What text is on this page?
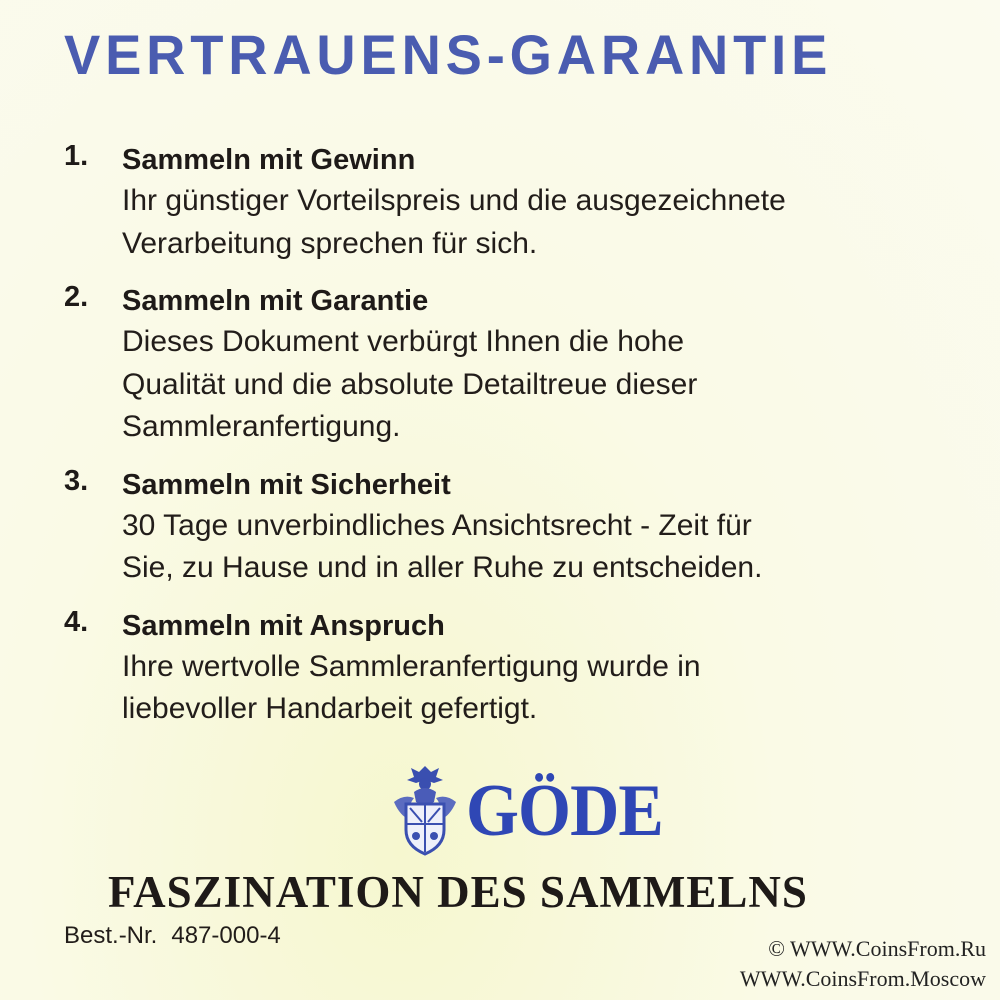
VERTRAUENS-GARANTIE
1. Sammeln mit Gewinn
Ihr günstiger Vorteilspreis und die ausgezeichnete
Verarbeitung sprechen für sich.
2. Sammeln mit Garantie
Dieses Dokument verbürgt Ihnen die hohe
Qualität und die absolute Detailtreue dieser
Sammleranfertigung.
3. Sammeln mit Sicherheit
30 Tage unverbindliches Ansichtsrecht - Zeit für
Sie, zu Hause und in aller Ruhe zu entscheiden.
4. Sammeln mit Anspruch
Ihre wertvolle Sammleranfertigung wurde in
liebevoller Handarbeit gefertigt.
GÖDE
FASZINATION DES SAMMELNS
Best.-Nr. 487-000-4	© WWW.CoinsFrom.Ru
WWW.CoinsFrom.Moscow
